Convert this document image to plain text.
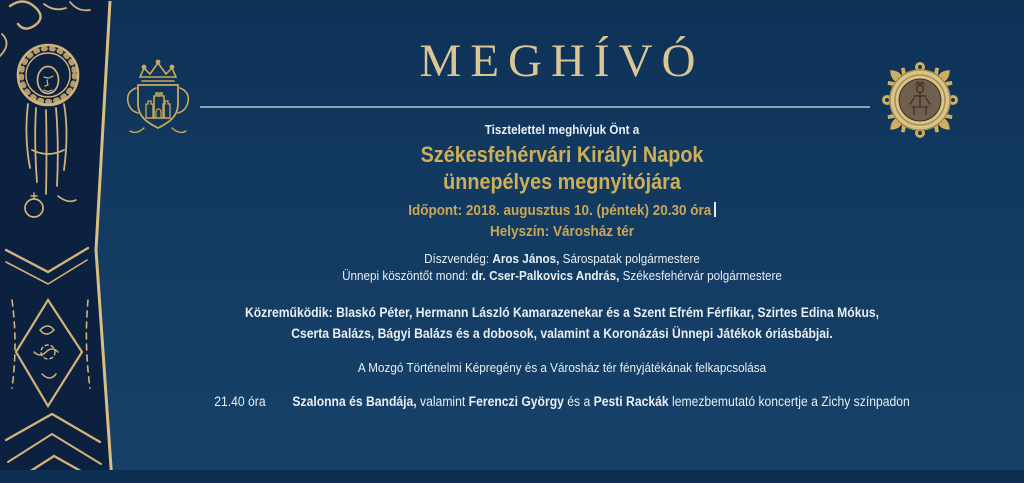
MEGHÍVÓ
Tisztelettel meghívjuk Önt a
Székesfehérvári Királyi Napok
ünnepélyes megnyitójára
Időpont: 2018. augusztus 10. (péntek) 20.30 óra
Helyszín: Városház tér
Díszvendég: Aros János, Sárospatak polgármestere
Ünnepi köszöntőt mond: dr. Cser-Palkovics András, Székesfehérvár polgármestere
Közreműködik: Blaskó Péter, Hermann László Kamarazenekar és a Szent Efrém Férfikar, Szirtes Edina Mókus,
Cserta Balázs, Bágyi Balázs és a dobosok, valamint a Koronázási Ünnepi Játékok óriásbábjai.
A Mozgó Történelmi Képregény és a Városház tér fényjátékának felkapcsolása
21.40 óra Szalonna és Bandája, valamint Ferenczi György és a Pesti Rackák lemezbemutató koncertje a Zichy színpadon
